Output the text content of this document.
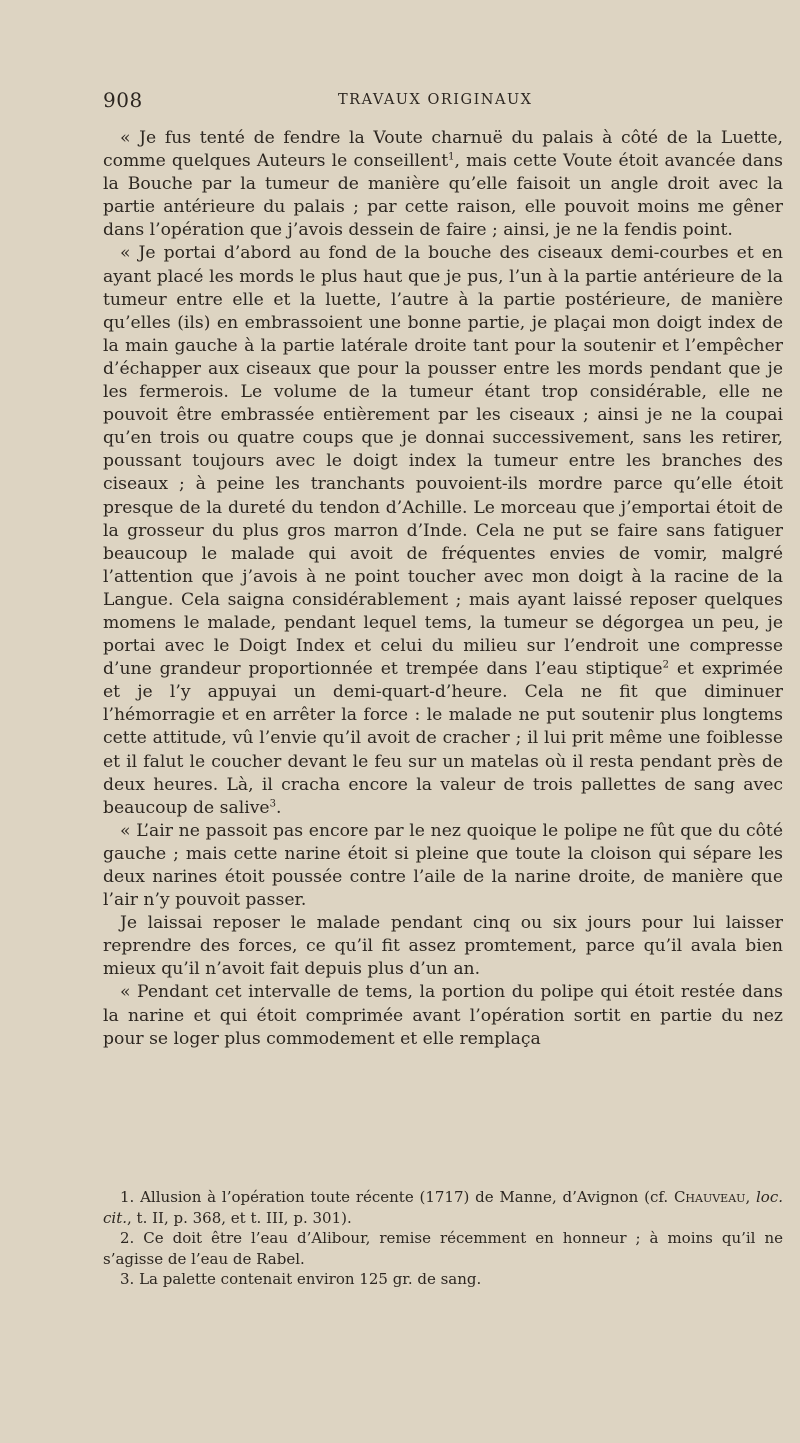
908	TRAVAUX ORIGINAUX

« Je fus tenté de fendre la Voute charnuë du palais à côté de la Luette, comme quelques Auteurs le conseillent$^1$, mais cette Voute étoit avancée dans la Bouche par la tumeur de manière qu’elle faisoit un angle droit avec la partie antérieure du palais ; par cette raison, elle pouvoit moins me gêner dans l’opération que j’avois dessein de faire ; ainsi, je ne la fendis point.

« Je portai d’abord au fond de la bouche des ciseaux demi-courbes et en ayant placé les mords le plus haut que je pus, l’un à la partie antérieure de la tumeur entre elle et la luette, l’autre à la partie postérieure, de manière qu’elles (ils) en embrassoient une bonne partie, je plaçai mon doigt index de la main gauche à la partie latérale droite tant pour la soutenir et l’empêcher d’échapper aux ciseaux que pour la pousser entre les mords pendant que je les fermerois. Le volume de la tumeur étant trop considérable, elle ne pouvoit être embrassée entièrement par les ciseaux ; ainsi je ne la coupai qu’en trois ou quatre coups que je donnai successivement, sans les retirer, poussant toujours avec le doigt index la tumeur entre les branches des ciseaux ; à peine les tranchants pouvoient-ils mordre parce qu’elle étoit presque de la dureté du tendon d’Achille. Le morceau que j’emportai étoit de la grosseur du plus gros marron d’Inde. Cela ne put se faire sans fatiguer beaucoup le malade qui avoit de fréquentes envies de vomir, malgré l’attention que j’avois à ne point toucher avec mon doigt à la racine de la Langue. Cela saigna considérablement ; mais ayant laissé reposer quelques momens le malade, pendant lequel tems, la tumeur se dégorgea un peu, je portai avec le Doigt Index et celui du milieu sur l’endroit une compresse d’une grandeur proportionnée et trempée dans l’eau stiptique$^2$ et exprimée et je l’y appuyai un demi-quart-d’heure. Cela ne fit que diminuer l’hémorragie et en arrêter la force : le malade ne put soutenir plus longtems cette attitude, vû l’envie qu’il avoit de cracher ; il lui prit même une foiblesse et il falut le coucher devant le feu sur un matelas où il resta pendant près de deux heures. Là, il cracha encore la valeur de trois pallettes de sang avec beaucoup de salive$^3$.

« L’air ne passoit pas encore par le nez quoique le polipe ne fût que du côté gauche ; mais cette narine étoit si pleine que toute la cloison qui sépare les deux narines étoit poussée contre l’aile de la narine droite, de manière que l’air n’y pouvoit passer.

Je laissai reposer le malade pendant cinq ou six jours pour lui laisser reprendre des forces, ce qu’il fit assez promtement, parce qu’il avala bien mieux qu’il n’avoit fait depuis plus d’un an.

« Pendant cet intervalle de tems, la portion du polipe qui étoit restée dans la narine et qui étoit comprimée avant l’opération sortit en partie du nez pour se loger plus commodement et elle remplaça

1. Allusion à l’opération toute récente (1717) de Manne, d’Avignon (cf. Chauveau, loc. cit., t. II, p. 368, et t. III, p. 301).

2. Ce doit être l’eau d’Alibour, remise récemment en honneur ; à moins qu’il ne s’agisse de l’eau de Rabel.

3. La palette contenait environ 125 gr. de sang.
